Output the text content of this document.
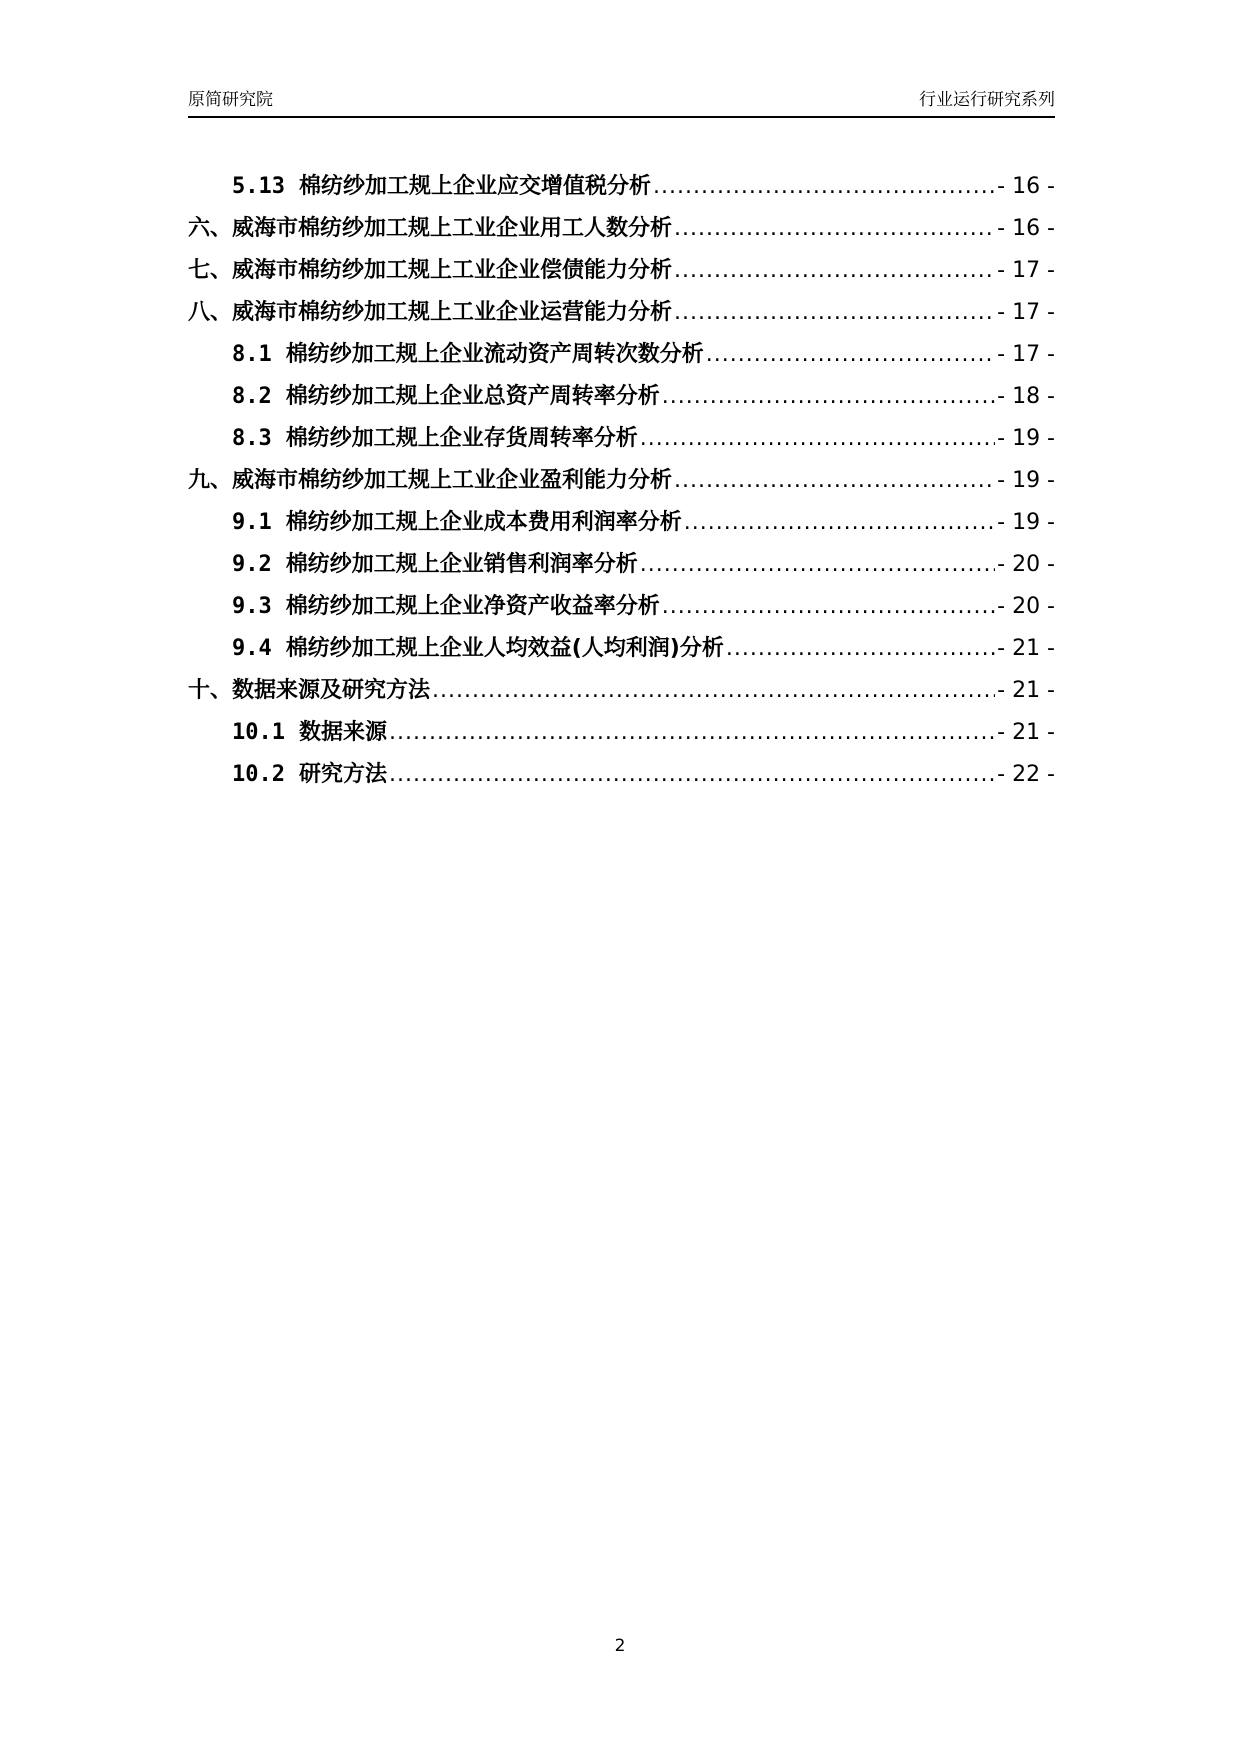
原简研究院	行业运行研究系列
5.13 棉纺纱加工规上企业应交增值税分析 .....	- 16 -
六、 威海市棉纺纱加工规上工业企业用工人数分析 .....	- 16 -
七、 威海市棉纺纱加工规上工业企业偿债能力分析 .....	- 17 -
八、 威海市棉纺纱加工规上工业企业运营能力分析 .....	- 17 -
8.1 棉纺纱加工规上企业流动资产周转次数分析 .....	- 17 -
8.2 棉纺纱加工规上企业总资产周转率分析 .....	- 18 -
8.3 棉纺纱加工规上企业存货周转率分析 .....	- 19 -
九、 威海市棉纺纱加工规上工业企业盈利能力分析 .....	- 19 -
9.1 棉纺纱加工规上企业成本费用利润率分析 .....	- 19 -
9.2 棉纺纱加工规上企业销售利润率分析 .....	- 20 -
9.3 棉纺纱加工规上企业净资产收益率分析 .....	- 20 -
9.4 棉纺纱加工规上企业人均效益(人均利润)分析 .....	- 21 -
十、 数据来源及研究方法 .....	- 21 -
10.1 数据来源 .....	- 21 -
10.2 研究方法 .....	- 22 -
2
